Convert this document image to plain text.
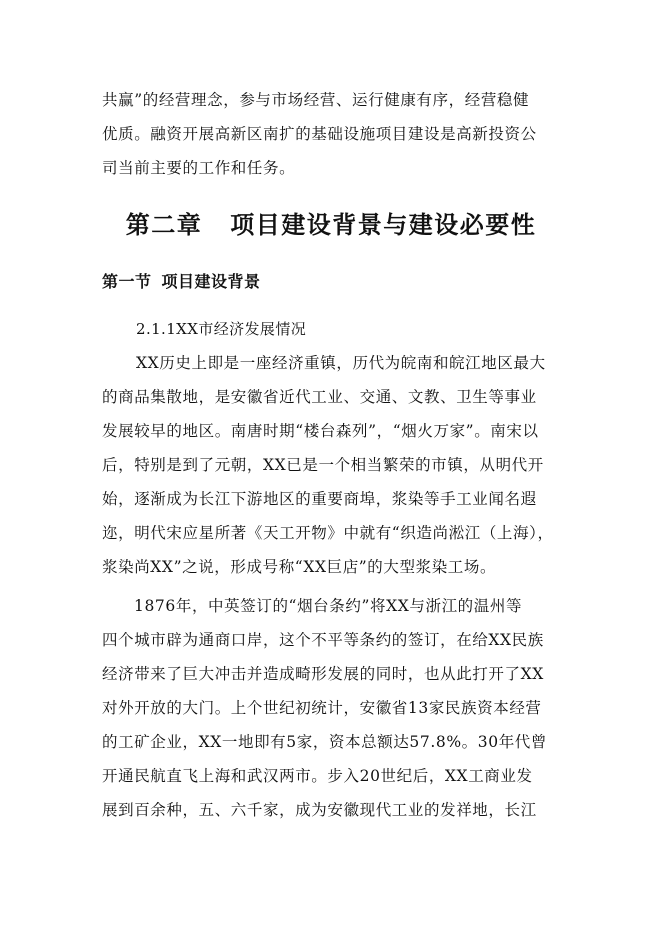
共赢”的经营理念，参与市场经营、运行健康有序，经营稳健
优质。融资开展高新区南扩的基础设施项目建设是高新投资公
司当前主要的工作和任务。
第二章 项目建设背景与建设必要性
第一节 项目建设背景
2.1.1XX市经济发展情况
XX历史上即是一座经济重镇，历代为皖南和皖江地区最大
的商品集散地，是安徽省近代工业、交通、文教、卫生等事业
发展较早的地区。南唐时期“楼台森列”，“烟火万家”。南宋以
后，特别是到了元朝，XX已是一个相当繁荣的市镇，从明代开
始，逐渐成为长江下游地区的重要商埠，浆染等手工业闻名遐
迩，明代宋应星所著《天工开物》中就有“织造尚淞江（上海），
浆染尚XX”之说，形成号称“XX巨店”的大型浆染工场。
1876年，中英签订的“烟台条约”将XX与浙江的温州等
四个城市辟为通商口岸，这个不平等条约的签订，在给XX民族
经济带来了巨大冲击并造成畸形发展的同时，也从此打开了XX
对外开放的大门。上个世纪初统计，安徽省13家民族资本经营
的工矿企业，XX一地即有5家，资本总额达57.8%。30年代曾
开通民航直飞上海和武汉两市。步入20世纪后，XX工商业发
展到百余种，五、六千家，成为安徽现代工业的发祥地，长江
